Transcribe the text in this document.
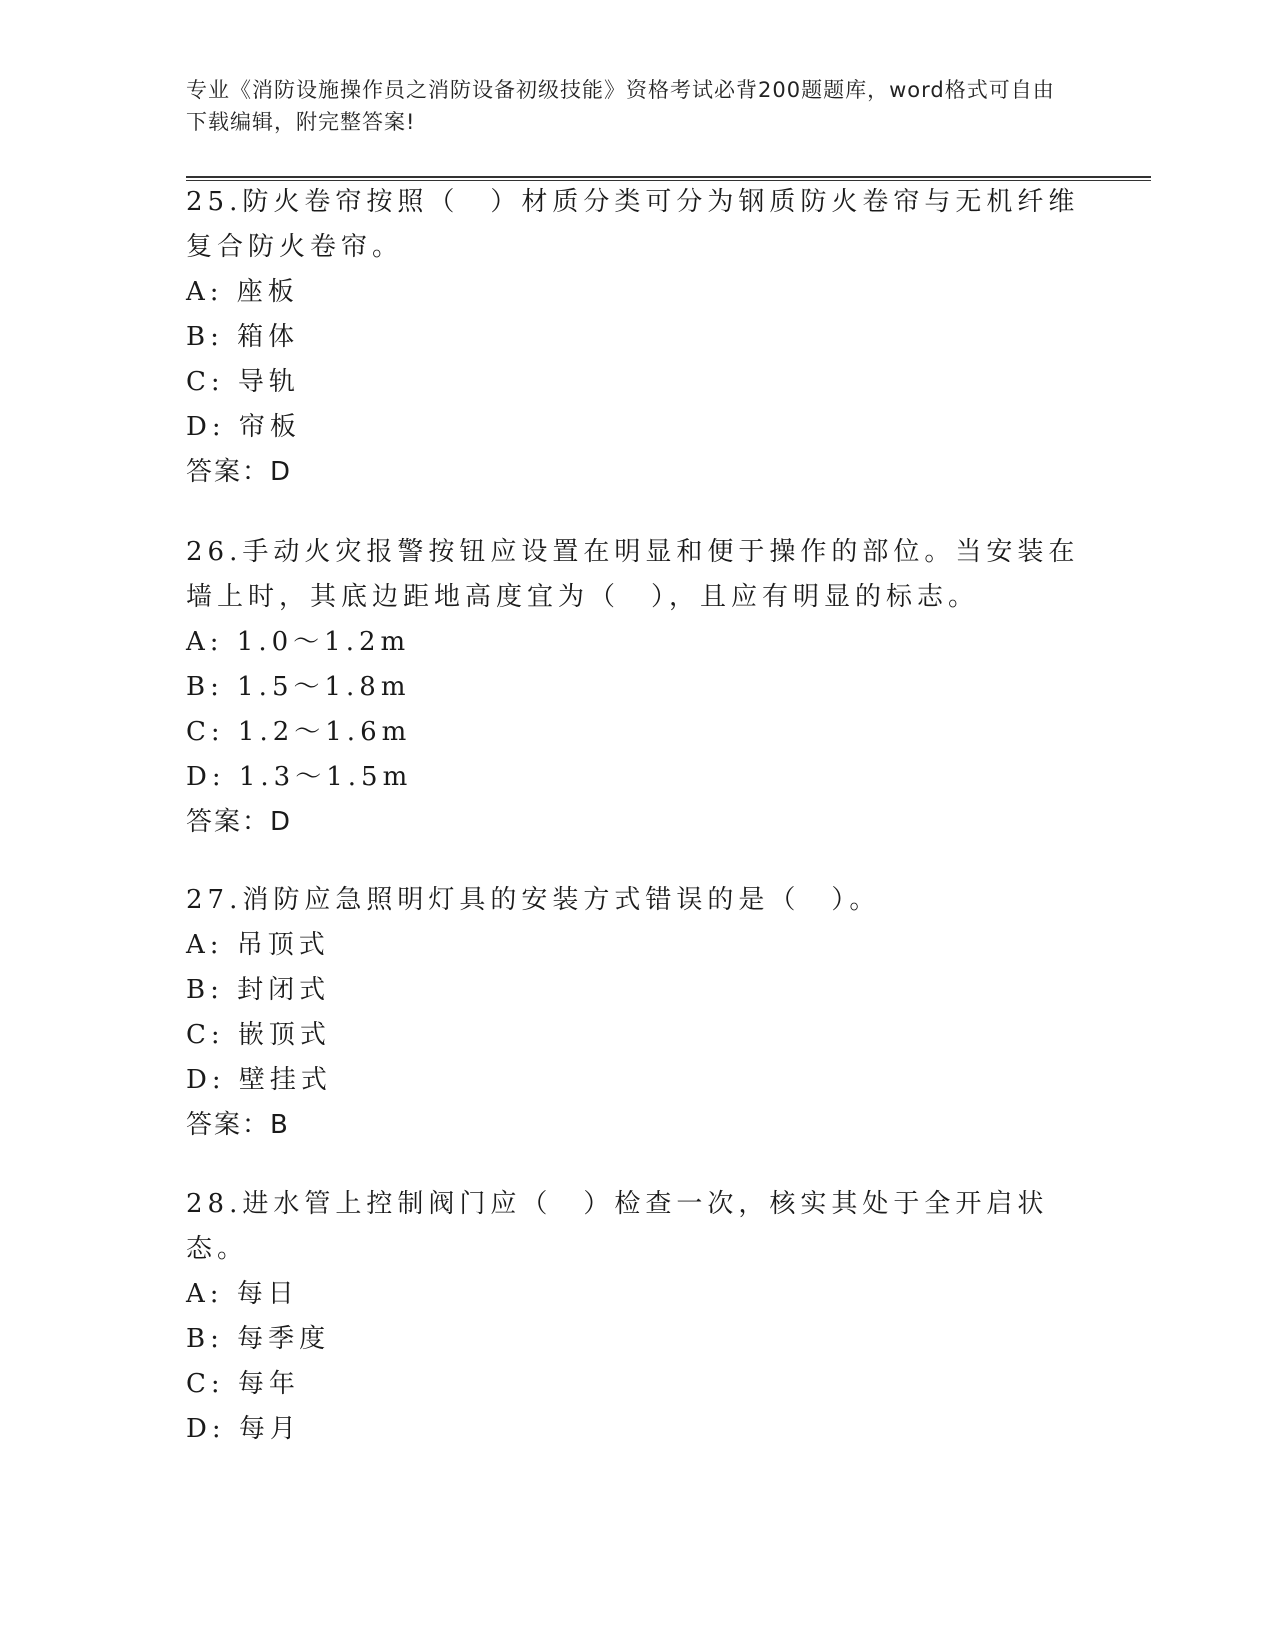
专业《消防设施操作员之消防设备初级技能》资格考试必背200题题库，word格式可自由下载编辑，附完整答案!

25.防火卷帘按照（　）材质分类可分为钢质防火卷帘与无机纤维复合防火卷帘。

A: 座板

B: 箱体

C: 导轨

D: 帘板

答案：D

26.手动火灾报警按钮应设置在明显和便于操作的部位。当安装在墙上时，其底边距地高度宜为（　），且应有明显的标志。

A: 1.0～1.2m

B: 1.5～1.8m

C: 1.2～1.6m

D: 1.3～1.5m

答案：D

27.消防应急照明灯具的安装方式错误的是（　）。

A: 吊顶式

B: 封闭式

C: 嵌顶式

D: 壁挂式

答案：B

28.进水管上控制阀门应（　）检查一次，核实其处于全开启状态。

A: 每日

B: 每季度

C: 每年

D: 每月
